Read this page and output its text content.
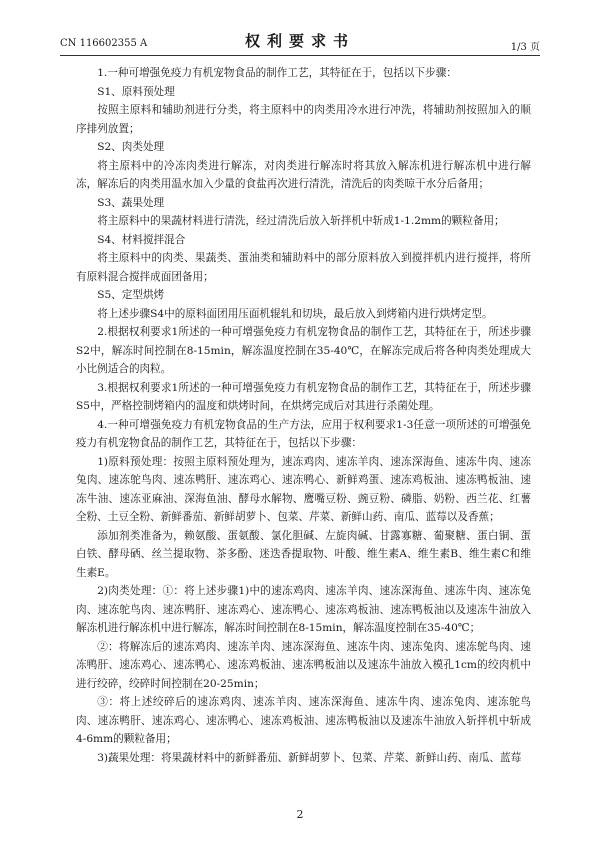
CN 116602355 A	权利要求书	1/3 页

1.一种可增强免疫力有机宠物食品的制作工艺，其特征在于，包括以下步骤：

S1、原料预处理

按照主原料和辅助剂进行分类，将主原料中的肉类用冷水进行冲洗，将辅助剂按照加入的顺序排列放置；

S2、肉类处理

将主原料中的冷冻肉类进行解冻，对肉类进行解冻时将其放入解冻机进行解冻机中进行解冻，解冻后的肉类用温水加入少量的食盐再次进行清洗，清洗后的肉类晾干水分后备用；

S3、蔬果处理

将主原料中的果蔬材料进行清洗，经过清洗后放入斩拌机中斩成1-1.2mm的颗粒备用；

S4、材料搅拌混合

将主原料中的肉类、果蔬类、蛋油类和辅助料中的部分原料放入到搅拌机内进行搅拌，将所有原料混合搅拌成面团备用；

S5、定型烘烤

将上述步骤S4中的原料面团用压面机辊轧和切块，最后放入到烤箱内进行烘烤定型。

2.根据权利要求1所述的一种可增强免疫力有机宠物食品的制作工艺，其特征在于，所述步骤S2中，解冻时间控制在8-15min，解冻温度控制在35-40℃，在解冻完成后将各种肉类处理成大小比例适合的肉粒。

3.根据权利要求1所述的一种可增强免疫力有机宠物食品的制作工艺，其特征在于，所述步骤S5中，严格控制烤箱内的温度和烘烤时间，在烘烤完成后对其进行杀菌处理。

4.一种可增强免疫力有机宠物食品的生产方法，应用于权利要求1-3任意一项所述的可增强免疫力有机宠物食品的制作工艺，其特征在于，包括以下步骤：

1)原料预处理：按照主原料预处理为，速冻鸡肉、速冻羊肉、速冻深海鱼、速冻牛肉、速冻兔肉、速冻鸵鸟肉、速冻鸭肝、速冻鸡心、速冻鸭心、新鲜鸡蛋、速冻鸡板油、速冻鸭板油、速冻牛油、速冻亚麻油、深海鱼油、酵母水解物、鹰嘴豆粉、豌豆粉、磷脂、奶粉、西兰花、红薯全粉、土豆全粉、新鲜番茄、新鲜胡萝卜、包菜、芹菜、新鲜山药、南瓜、蓝莓以及香蕉；

添加剂类准备为，赖氨酸、蛋氨酸、氯化胆碱、左旋肉碱、甘露寡糖、葡聚糖、蛋白铜、蛋白铁、酵母硒、丝兰提取物、茶多酚、迷迭香提取物、叶酸、维生素A、维生素B、维生素C和维生素E。

2)肉类处理：①：将上述步骤1)中的速冻鸡肉、速冻羊肉、速冻深海鱼、速冻牛肉、速冻兔肉、速冻鸵鸟肉、速冻鸭肝、速冻鸡心、速冻鸭心、速冻鸡板油、速冻鸭板油以及速冻牛油放入解冻机进行解冻机中进行解冻，解冻时间控制在8-15min，解冻温度控制在35-40℃；

②：将解冻后的速冻鸡肉、速冻羊肉、速冻深海鱼、速冻牛肉、速冻兔肉、速冻鸵鸟肉、速冻鸭肝、速冻鸡心、速冻鸭心、速冻鸡板油、速冻鸭板油以及速冻牛油放入模孔1cm的绞肉机中进行绞碎，绞碎时间控制在20-25min；

③：将上述绞碎后的速冻鸡肉、速冻羊肉、速冻深海鱼、速冻牛肉、速冻兔肉、速冻鸵鸟肉、速冻鸭肝、速冻鸡心、速冻鸭心、速冻鸡板油、速冻鸭板油以及速冻牛油放入斩拌机中斩成4-6mm的颗粒备用；

3)蔬果处理：将果蔬材料中的新鲜番茄、新鲜胡萝卜、包菜、芹菜、新鲜山药、南瓜、蓝莓

2
